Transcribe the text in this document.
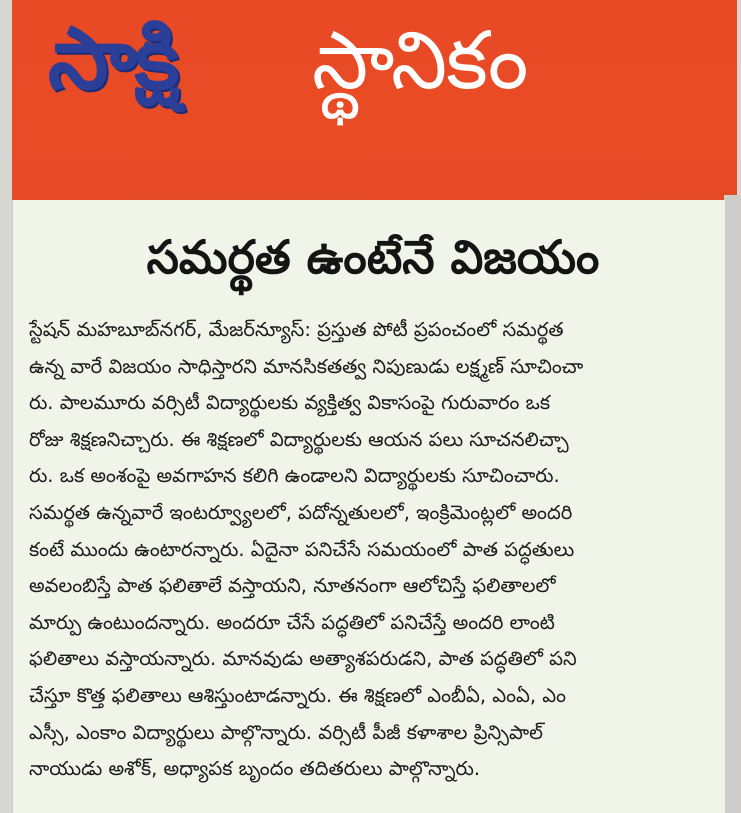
సాక్షి స్థానికం
సమర్థత ఉంటేనే విజయం
స్టేషన్ మహబూబ్‌నగర్, మేజర్‌న్యూస్: ప్రస్తుత పోటీ ప్రపంచంలో సమర్థత
ఉన్న వారే విజయం సాధిస్తారని మానసికతత్వ నిపుణుడు లక్ష్మణ్ సూచించా
రు. పాలమూరు వర్సిటీ విద్యార్థులకు వ్యక్తిత్వ వికాసంపై గురువారం ఒక
రోజు శిక్షణనిచ్చారు. ఈ శిక్షణలో విద్యార్థులకు ఆయన పలు సూచనలిచ్చా
రు. ఒక అంశంపై అవగాహన కలిగి ఉండాలని విద్యార్థులకు సూచించారు.
సమర్థత ఉన్నవారే ఇంటర్వ్యూలలో, పదోన్నతులలో, ఇంక్రిమెంట్లలో అందరి
కంటే ముందు ఉంటారన్నారు. ఏదైనా పనిచేసే సమయంలో పాత పద్ధతులు
అవలంబిస్తే పాత ఫలితాలే వస్తాయని, నూతనంగా ఆలోచిస్తే ఫలితాలలో
మార్పు ఉంటుందన్నారు. అందరూ చేసే పద్ధతిలో పనిచేస్తే అందరి లాంటి
ఫలితాలు వస్తాయన్నారు. మానవుడు అత్యాశపరుడని, పాత పద్ధతిలో పని
చేస్తూ కొత్త ఫలితాలు ఆశిస్తుంటాడన్నారు. ఈ శిక్షణలో ఎంబీఏ, ఎంఏ, ఎం
ఎస్సీ, ఎంకాం విద్యార్థులు పాల్గొన్నారు. వర్సిటీ పీజీ కళాశాల ప్రిన్సిపాల్
నాయుడు అశోక్, అధ్యాపక బృందం తదితరులు పాల్గొన్నారు.
